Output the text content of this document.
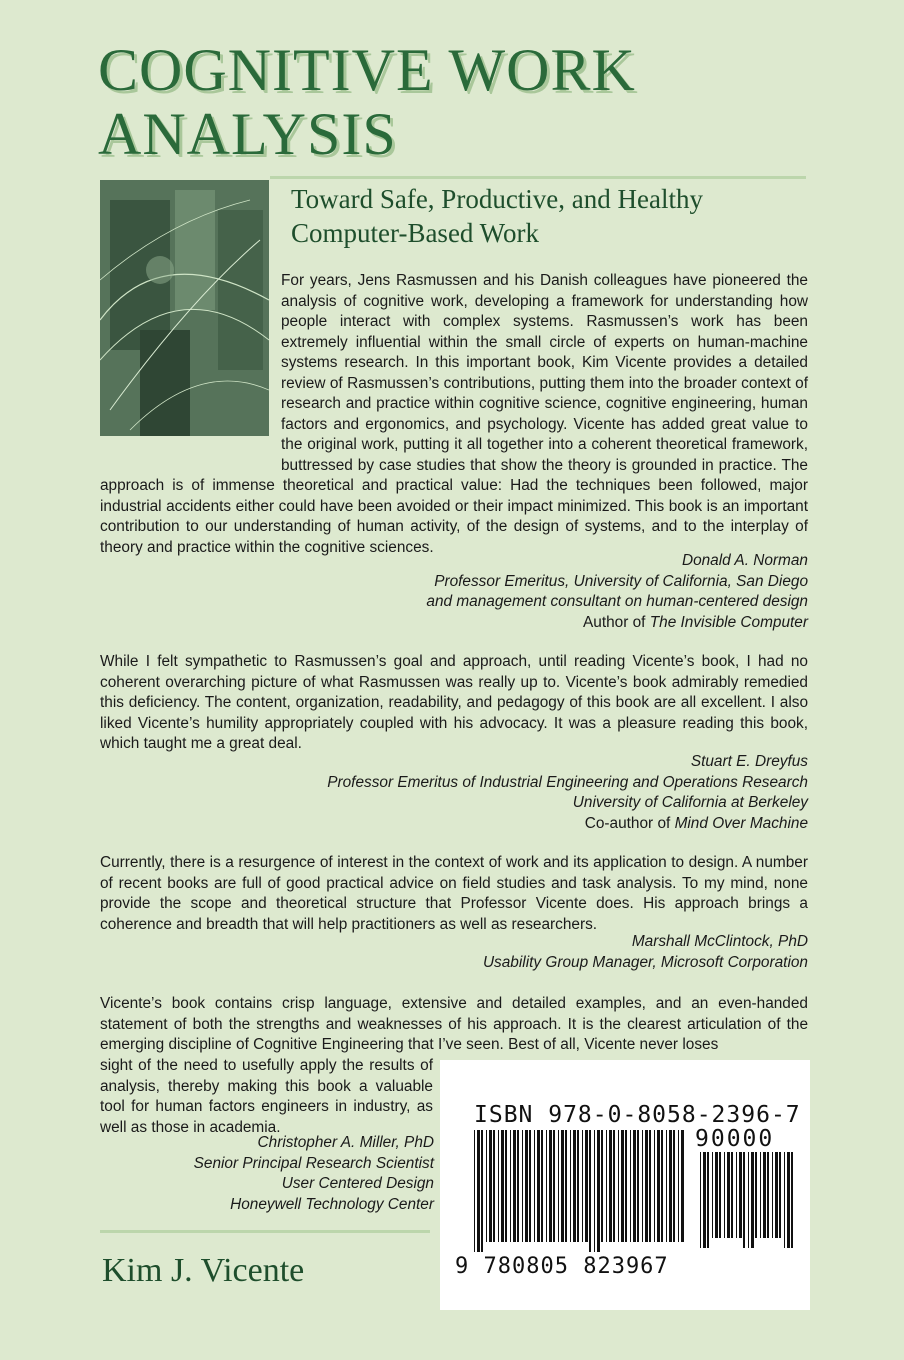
COGNITIVE WORK
ANALYSIS
Toward Safe, Productive, and Healthy
Computer-Based Work

For years, Jens Rasmussen and his Danish colleagues have pioneered the analysis of cognitive work, developing a framework for understanding how people interact with complex systems. Rasmussen’s work has been extremely influential within the small circle of experts on human-machine systems research. In this important book, Kim Vicente provides a detailed review of Rasmussen’s contributions, putting them into the broader context of research and practice within cognitive science, cognitive engineering, human factors and ergonomics, and psychology. Vicente has added great value to the original work, putting it all together into a coherent theoretical framework, buttressed by case studies that show the theory is grounded in practice. The approach is of immense theoretical and practical value: Had the techniques been followed, major industrial accidents either could have been avoided or their impact minimized. This book is an important contribution to our understanding of human activity, of the design of systems, and to the interplay of theory and practice within the cognitive sciences.

Donald A. Norman
Professor Emeritus, University of California, San Diego
and management consultant on human-centered design
Author of The Invisible Computer

While I felt sympathetic to Rasmussen’s goal and approach, until reading Vicente’s book, I had no coherent overarching picture of what Rasmussen was really up to. Vicente’s book admirably remedied this deficiency. The content, organization, readability, and pedagogy of this book are all excellent. I also liked Vicente’s humility appropriately coupled with his advocacy. It was a pleasure reading this book, which taught me a great deal.

Stuart E. Dreyfus
Professor Emeritus of Industrial Engineering and Operations Research
University of California at Berkeley
Co-author of Mind Over Machine

Currently, there is a resurgence of interest in the context of work and its application to design. A number of recent books are full of good practical advice on field studies and task analysis. To my mind, none provide the scope and theoretical structure that Professor Vicente does. His approach brings a coherence and breadth that will help practitioners as well as researchers.

Marshall McClintock, PhD
Usability Group Manager, Microsoft Corporation

Vicente’s book contains crisp language, extensive and detailed examples, and an even-handed statement of both the strengths and weaknesses of his approach. It is the clearest articulation of the emerging discipline of Cognitive Engineering that I’ve seen. Best of all, Vicente never loses

sight of the need to usefully apply the results of analysis, thereby making this book a valuable tool for human factors engineers in industry, as well as those in academia.

Christopher A. Miller, PhD
Senior Principal Research Scientist
User Centered Design
Honeywell Technology Center

Kim J. Vicente
ISBN 978-0-8058-2396-7
90000
9 780805 823967
